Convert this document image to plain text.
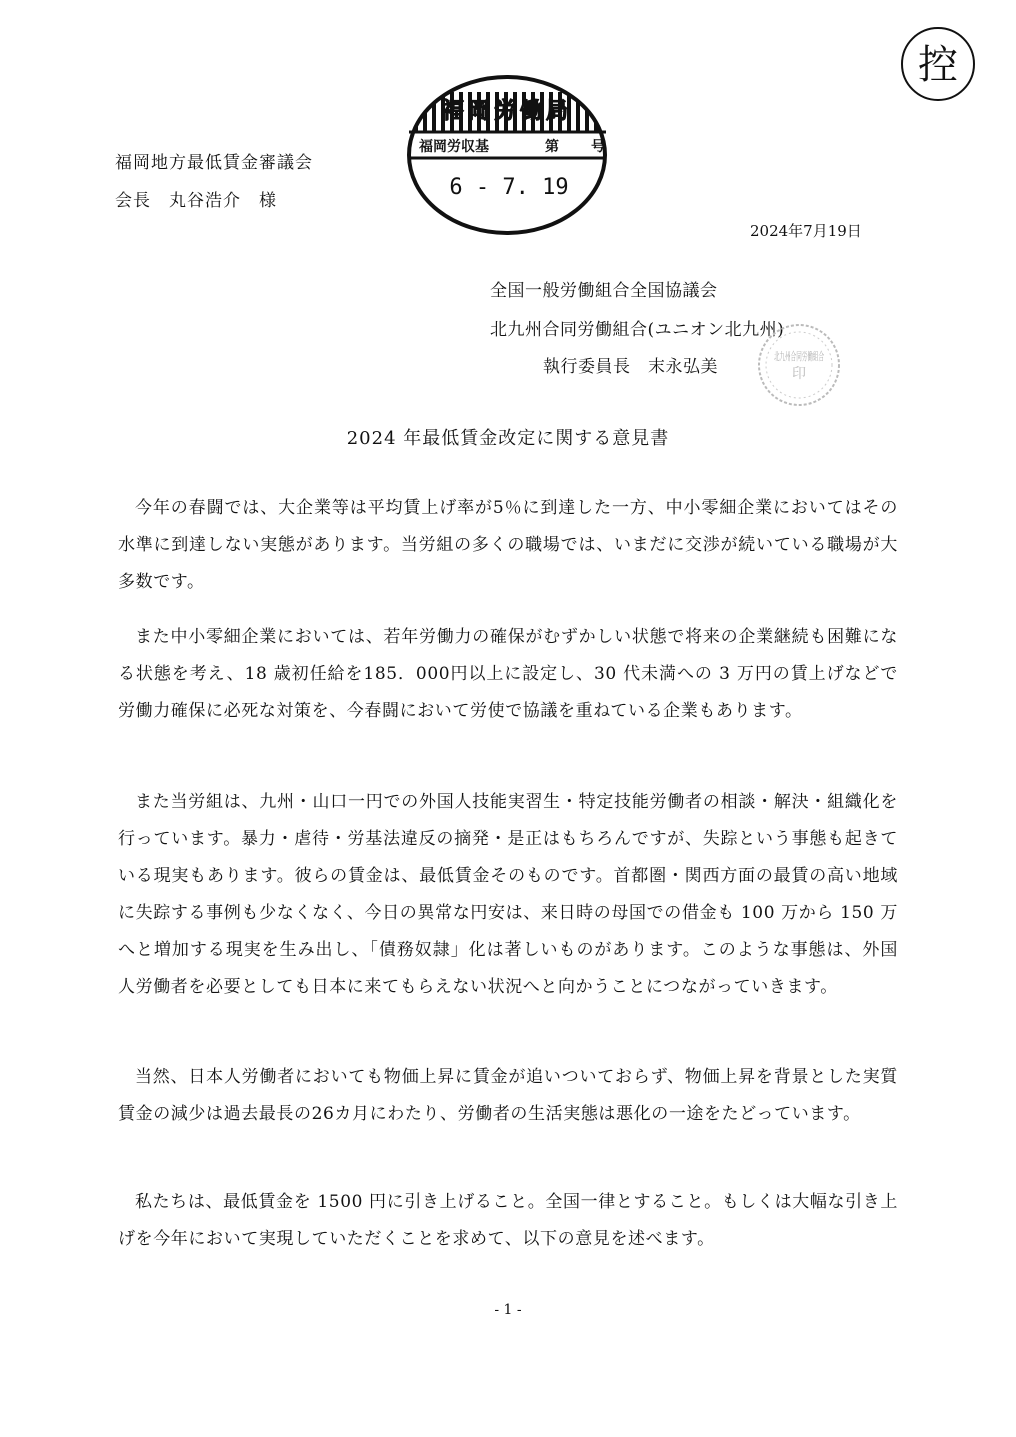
福岡地方最低賃金審議会
会長　丸谷浩介　様
福岡労働局
福岡労収基	第 号
6 - 7. 19
控
2024年7月19日
全国一般労働組合全国協議会
北九州合同労働組合(ユニオン北九州)
執行委員長　末永弘美
北九州合同労働組合
印
2024 年最低賃金改定に関する意見書

今年の春闘では、大企業等は平均賃上げ率が5％に到達した一方、中小零細企業においてはその水準に到達しない実態があります。当労組の多くの職場では、いまだに交渉が続いている職場が大多数です。

また中小零細企業においては、若年労働力の確保がむずかしい状態で将来の企業継続も困難になる状態を考え、18 歳初任給を185．000円以上に設定し、30 代未満への 3 万円の賃上げなどで労働力確保に必死な対策を、今春闘において労使で協議を重ねている企業もあります。

また当労組は、九州・山口一円での外国人技能実習生・特定技能労働者の相談・解決・組織化を行っています。暴力・虐待・労基法違反の摘発・是正はもちろんですが、失踪という事態も起きている現実もあります。彼らの賃金は、最低賃金そのものです。首都圏・関西方面の最賃の高い地域に失踪する事例も少なくなく、今日の異常な円安は、来日時の母国での借金も 100 万から 150 万へと増加する現実を生み出し、「債務奴隷」化は著しいものがあります。このような事態は、外国人労働者を必要としても日本に来てもらえない状況へと向かうことにつながっていきます。

当然、日本人労働者においても物価上昇に賃金が追いついておらず、物価上昇を背景とした実質賃金の減少は過去最長の26カ月にわたり、労働者の生活実態は悪化の一途をたどっています。

私たちは、最低賃金を 1500 円に引き上げること。全国一律とすること。もしくは大幅な引き上げを今年において実現していただくことを求めて、以下の意見を述べます。

- 1 -
